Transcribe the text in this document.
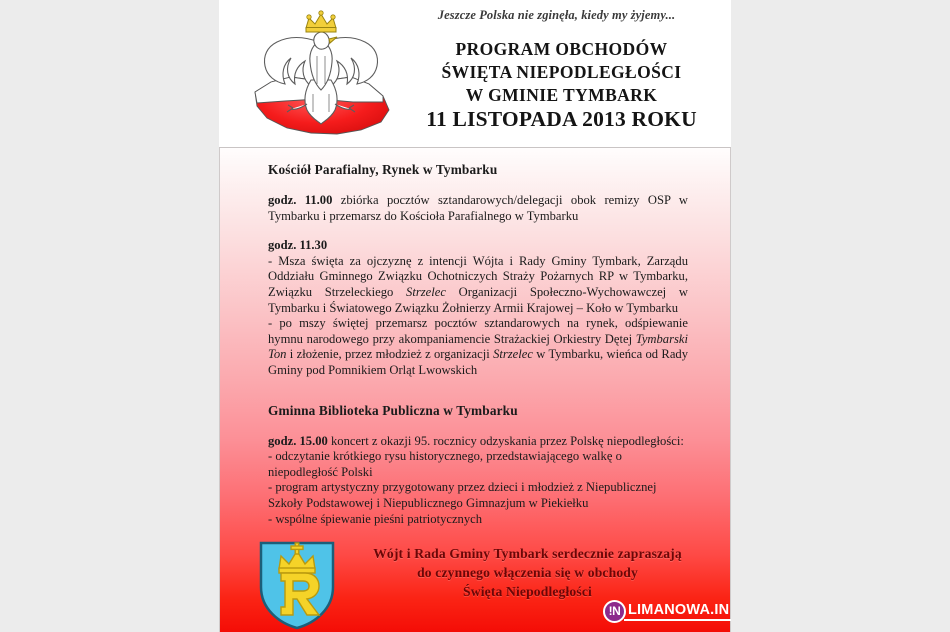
Jeszcze Polska nie zginęła, kiedy my żyjemy...
PROGRAM OBCHODÓW
ŚWIĘTA NIEPODLEGŁOŚCI
W GMINIE TYMBARK
11 LISTOPADA 2013 ROKU
Kościół Parafialny, Rynek w Tymbarku

godz. 11.00 zbiórka pocztów sztandarowych/delegacji obok remizy OSP w Tymbarku i przemarsz do Kościoła Parafialnego w Tymbarku

godz. 11.30

- Msza święta za ojczyznę z intencji Wójta i Rady Gminy Tymbark, Zarządu Oddziału Gminnego Związku Ochotniczych Straży Pożarnych RP w Tymbarku, Związku Strzeleckiego Strzelec Organizacji Społeczno-Wychowawczej w Tymbarku i Światowego Związku Żołnierzy Armii Krajowej – Koło w Tymbarku

- po mszy świętej przemarsz pocztów sztandarowych na rynek, odśpiewanie hymnu narodowego przy akompaniamencie Strażackiej Orkiestry Dętej Tymbarski Ton i złożenie, przez młodzież z organizacji Strzelec w Tymbarku, wieńca od Rady Gminy pod Pomnikiem Orląt Lwowskich

Gminna Biblioteka Publiczna w Tymbarku

godz. 15.00 koncert z okazji 95. rocznicy odzyskania przez Polskę niepodległości:

- odczytanie krótkiego rysu historycznego, przedstawiającego walkę o niepodległość Polski

- program artystyczny przygotowany przez dzieci i młodzież z Niepublicznej Szkoły Podstawowej i Niepublicznego Gimnazjum w Piekiełku

- wspólne śpiewanie pieśni patriotycznych

Wójt i Rada Gminy Tymbark serdecznie zapraszają
do czynnego włączenia się w obchody
Święta Niepodległości
!N LIMANOWA.IN
